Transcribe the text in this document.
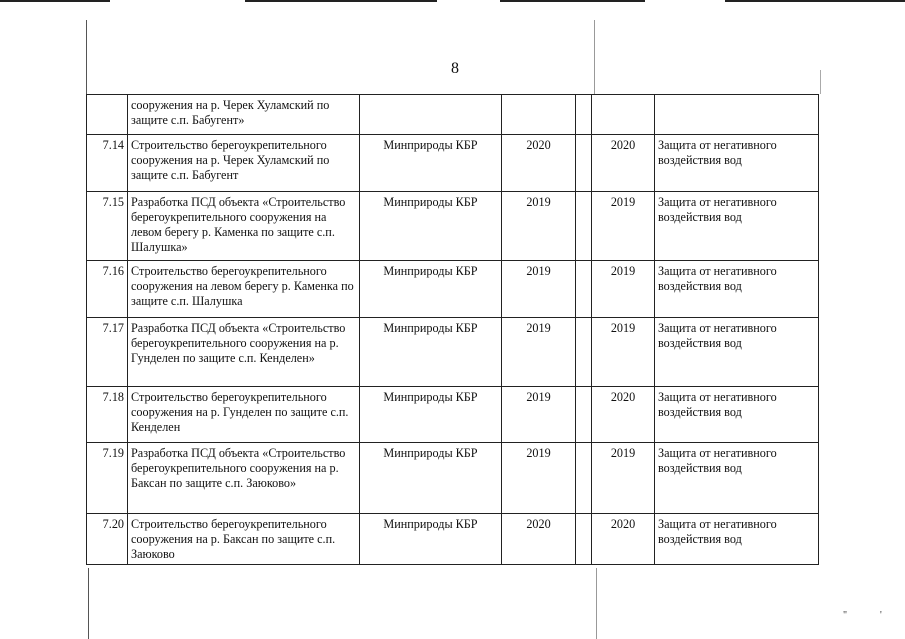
8
	сооружения на р. Черек Хуламский по защите с.п. Бабугент»					
7.14	Строительство берегоукрепительного сооружения на р. Черек Хуламский по защите с.п. Бабугент	Минприроды КБР	2020		2020	Защита от негативного воздействия вод
7.15	Разработка ПСД объекта «Строительство берегоукрепительного сооружения на левом берегу р. Каменка по защите с.п. Шалушка»	Минприроды КБР	2019		2019	Защита от негативного воздействия вод
7.16	Строительство берегоукрепительного сооружения на левом берегу р. Каменка по защите с.п. Шалушка	Минприроды КБР	2019		2019	Защита от негативного воздействия вод
7.17	Разработка ПСД объекта «Строительство берегоукрепительного сооружения на р. Гунделен по защите с.п. Кенделен»	Минприроды КБР	2019		2019	Защита от негативного воздействия вод
7.18	Строительство берегоукрепительного сооружения на р. Гунделен по защите с.п. Кенделен	Минприроды КБР	2019		2020	Защита от негативного воздействия вод
7.19	Разработка ПСД объекта «Строительство берегоукрепительного сооружения на р. Баксан по защите с.п. Заюково»	Минприроды КБР	2019		2019	Защита от негативного воздействия вод
7.20	Строительство берегоукрепительного сооружения на р. Баксан по защите с.п. Заюково	Минприроды КБР	2020		2020	Защита от негативного воздействия вод
"	'
